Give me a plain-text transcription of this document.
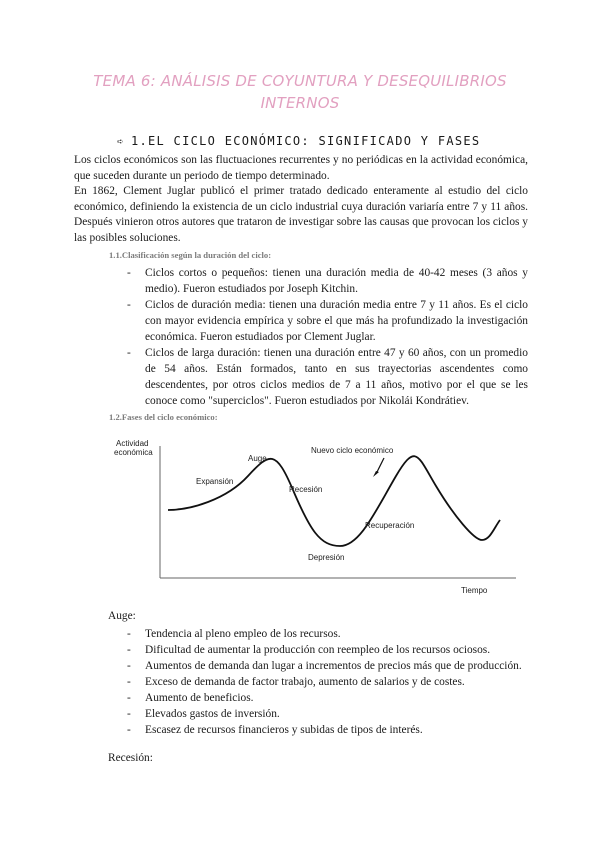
TEMA 6: ANÁLISIS DE COYUNTURA Y DESEQUILIBRIOS INTERNOS
➪ 1.EL CICLO ECONÓMICO: SIGNIFICADO Y FASES

Los ciclos económicos son las fluctuaciones recurrentes y no periódicas en la actividad económica, que suceden durante un periodo de tiempo determinado.

En 1862, Clement Juglar publicó el primer tratado dedicado enteramente al estudio del ciclo económico, definiendo la existencia de un ciclo industrial cuya duración variaría entre 7 y 11 años. Después vinieron otros autores que trataron de investigar sobre las causas que provocan los ciclos y las posibles soluciones.

1.1.Clasificación según la duración del ciclo:
- Ciclos cortos o pequeños: tienen una duración media de 40-42 meses (3 años y medio). Fueron estudiados por Joseph Kitchin.
- Ciclos de duración media: tienen una duración media entre 7 y 11 años. Es el ciclo con mayor evidencia empírica y sobre el que más ha profundizado la investigación económica. Fueron estudiados por Clement Juglar.
- Ciclos de larga duración: tienen una duración entre 47 y 60 años, con un promedio de 54 años. Están formados, tanto en sus trayectorias ascendentes como descendentes, por otros ciclos medios de 7 a 11 años, motivo por el que se les conoce como "superciclos". Fueron estudiados por Nikolái Kondrátiev.
1.2.Fases del ciclo económico:
Actividad
económica
Tiempo
Auge
Expansión
Recesión
Depresión
Recuperación
Nuevo ciclo económico
Auge:
- Tendencia al pleno empleo de los recursos.
- Dificultad de aumentar la producción con reempleo de los recursos ociosos.
- Aumentos de demanda dan lugar a incrementos de precios más que de producción.
- Exceso de demanda de factor trabajo, aumento de salarios y de costes.
- Aumento de beneficios.
- Elevados gastos de inversión.
- Escasez de recursos financieros y subidas de tipos de interés.
Recesión:
